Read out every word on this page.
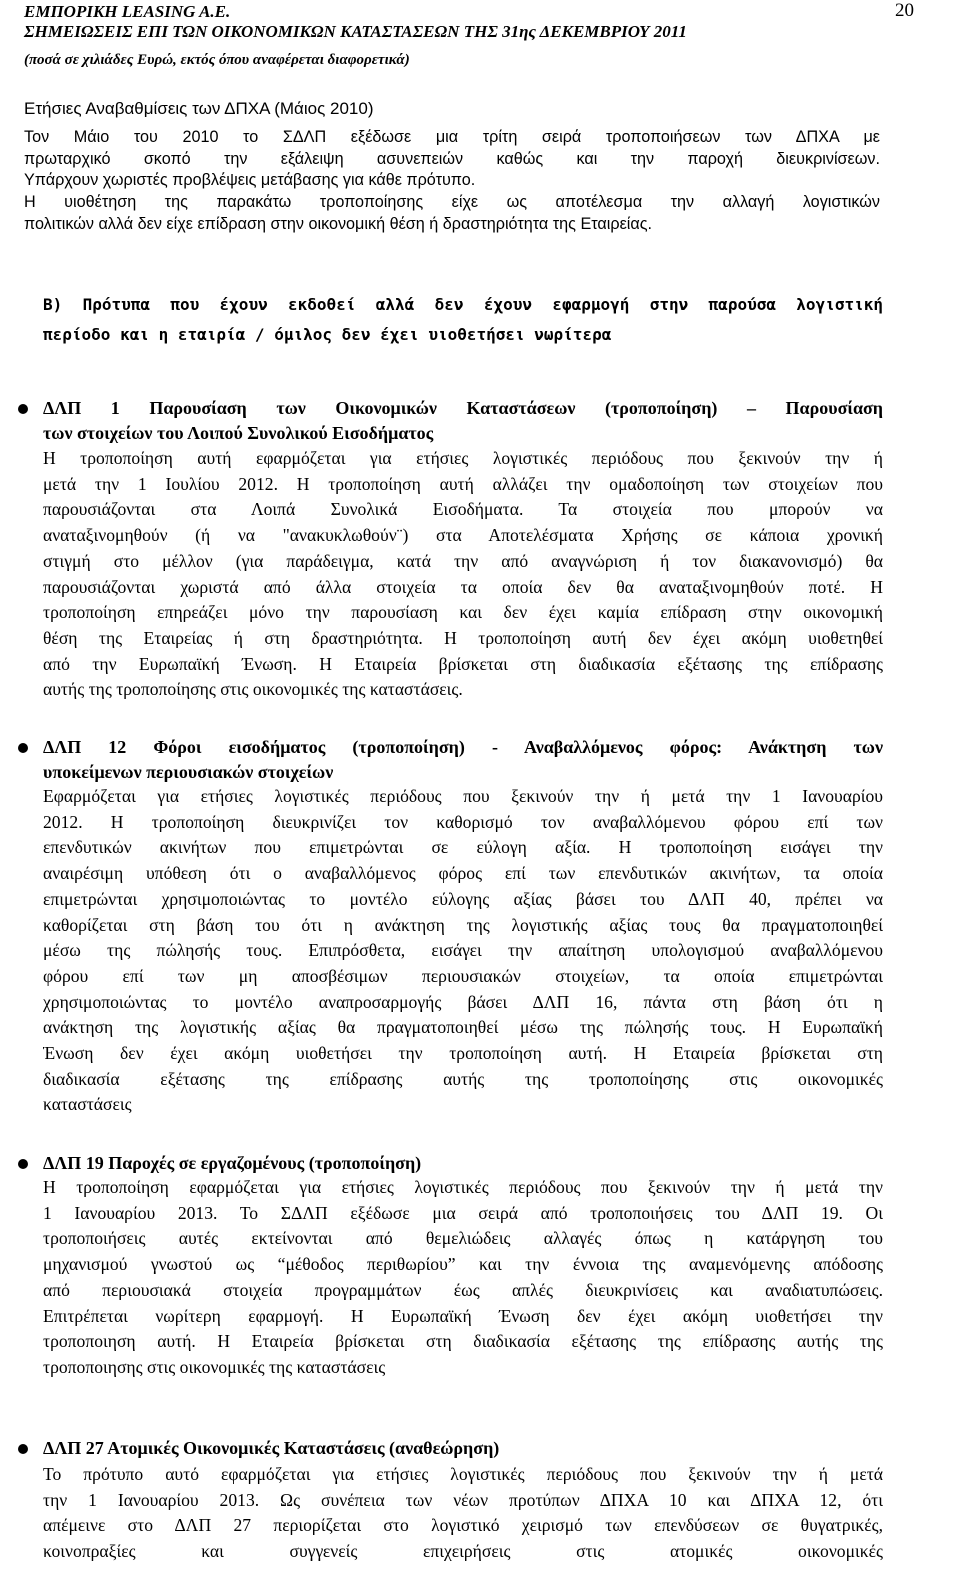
ΕΜΠΟΡΙΚΗ LEASING A.E.
ΣΗΜΕΙΩΣΕΙΣ ΕΠΙ ΤΩΝ ΟΙΚΟΝΟΜΙΚΩΝ ΚΑΤΑΣΤΑΣΕΩΝ ΤΗΣ 31ης ΔΕΚΕΜΒΡΙΟΥ 2011
(ποσά σε χιλιάδες Ευρώ, εκτός όπου αναφέρεται διαφορετικά)
20
Ετήσιες Αναβαθμίσεις των ΔΠΧΑ (Μάιος 2010)
Τον Μάιο του 2010 το ΣΔΛΠ εξέδωσε μια τρίτη σειρά τροποποιήσεων των ΔΠΧΑ με
πρωταρχικό σκοπό την εξάλειψη ασυνεπειών καθώς και την παροχή διευκρινίσεων.
Υπάρχουν χωριστές προβλέψεις μετάβασης για κάθε πρότυπο.
Η υιοθέτηση της παρακάτω τροποποίησης είχε ως αποτέλεσμα την αλλαγή λογιστικών
πολιτικών αλλά δεν είχε επίδραση στην οικονομική θέση ή δραστηριότητα της Εταιρείας.
Β) Πρότυπα που έχουν εκδοθεί αλλά δεν έχουν εφαρμογή στην παρούσα λογιστική
περίοδο και η εταιρία / όμιλος δεν έχει υιοθετήσει νωρίτερα
ΔΛΠ 1 Παρουσίαση των Οικονομικών Καταστάσεων (τροποποίηση) – Παρουσίαση
των στοιχείων του Λοιπού Συνολικού Εισοδήματος
Η τροποποίηση αυτή εφαρμόζεται για ετήσιες λογιστικές περιόδους που ξεκινούν την ή
μετά την 1 Ιουλίου 2012. Η τροποποίηση αυτή αλλάζει την ομαδοποίηση των στοιχείων που
παρουσιάζονται στα Λοιπά Συνολικά Εισοδήματα. Τα στοιχεία που μπορούν να
αναταξινομηθούν (ή να "ανακυκλωθούν¨) στα Αποτελέσματα Χρήσης σε κάποια χρονική
στιγμή στο μέλλον (για παράδειγμα, κατά την από αναγνώριση ή τον διακανονισμό) θα
παρουσιάζονται χωριστά από άλλα στοιχεία τα οποία δεν θα αναταξινομηθούν ποτέ. Η
τροποποίηση επηρεάζει μόνο την παρουσίαση και δεν έχει καμία επίδραση στην οικονομική
θέση της Εταιρείας ή στη δραστηριότητα. Η τροποποίηση αυτή δεν έχει ακόμη υιοθετηθεί
από την Ευρωπαϊκή Ένωση. Η Εταιρεία βρίσκεται στη διαδικασία εξέτασης της επίδρασης
αυτής της τροποποίησης στις οικονομικές της καταστάσεις.
ΔΛΠ 12 Φόροι εισοδήματος (τροποποίηση) - Αναβαλλόμενος φόρος: Ανάκτηση των
υποκείμενων περιουσιακών στοιχείων
Εφαρμόζεται για ετήσιες λογιστικές περιόδους που ξεκινούν την ή μετά την 1 Ιανουαρίου
2012. Η τροποποίηση διευκρινίζει τον καθορισμό τον αναβαλλόμενου φόρου επί των
επενδυτικών ακινήτων που επιμετρώνται σε εύλογη αξία. Η τροποποίηση εισάγει την
αναιρέσιμη υπόθεση ότι ο αναβαλλόμενος φόρος επί των επενδυτικών ακινήτων, τα οποία
επιμετρώνται χρησιμοποιώντας το μοντέλο εύλογης αξίας βάσει του ΔΛΠ 40, πρέπει να
καθορίζεται στη βάση του ότι η ανάκτηση της λογιστικής αξίας τους θα πραγματοποιηθεί
μέσω της πώλησής τους. Επιπρόσθετα, εισάγει την απαίτηση υπολογισμού αναβαλλόμενου
φόρου επί των μη αποσβέσιμων περιουσιακών στοιχείων, τα οποία επιμετρώνται
χρησιμοποιώντας το μοντέλο αναπροσαρμογής βάσει ΔΛΠ 16, πάντα στη βάση ότι η
ανάκτηση της λογιστικής αξίας θα πραγματοποιηθεί μέσω της πώλησής τους. Η Ευρωπαϊκή
Ένωση δεν έχει ακόμη υιοθετήσει την τροποποίηση αυτή. Η Εταιρεία βρίσκεται στη
διαδικασία εξέτασης της επίδρασης αυτής της τροποποίησης στις οικονομικές
καταστάσεις
ΔΛΠ 19 Παροχές σε εργαζομένους (τροποποίηση)
Η τροποποίηση εφαρμόζεται για ετήσιες λογιστικές περιόδους που ξεκινούν την ή μετά την
1 Ιανουαρίου 2013. Το ΣΔΛΠ εξέδωσε μια σειρά από τροποποιήσεις του ΔΛΠ 19. Οι
τροποποιήσεις αυτές εκτείνονται από θεμελιώδεις αλλαγές όπως η κατάργηση του
μηχανισμού γνωστού ως “μέθοδος περιθωρίου” και την έννοια της αναμενόμενης απόδοσης
από περιουσιακά στοιχεία προγραμμάτων έως απλές διευκρινίσεις και αναδιατυπώσεις.
Επιτρέπεται νωρίτερη εφαρμογή. Η Ευρωπαϊκή Ένωση δεν έχει ακόμη υιοθετήσει την
τροποποιηση αυτή. Η Εταιρεία βρίσκεται στη διαδικασία εξέτασης της επίδρασης αυτής της
τροποποιησης στις οικονομικές της καταστάσεις
ΔΛΠ 27 Ατομικές Οικονομικές Καταστάσεις (αναθεώρηση)
Το πρότυπο αυτό εφαρμόζεται για ετήσιες λογιστικές περιόδους που ξεκινούν την ή μετά
την 1 Ιανουαρίου 2013. Ως συνέπεια των νέων προτύπων ΔΠΧΑ 10 και ΔΠΧΑ 12, ότι
απέμεινε στο ΔΛΠ 27 περιορίζεται στο λογιστικό χειρισμό των επενδύσεων σε θυγατρικές,
κοινοπραξίες και συγγενείς επιχειρήσεις στις ατομικές οικονομικές
